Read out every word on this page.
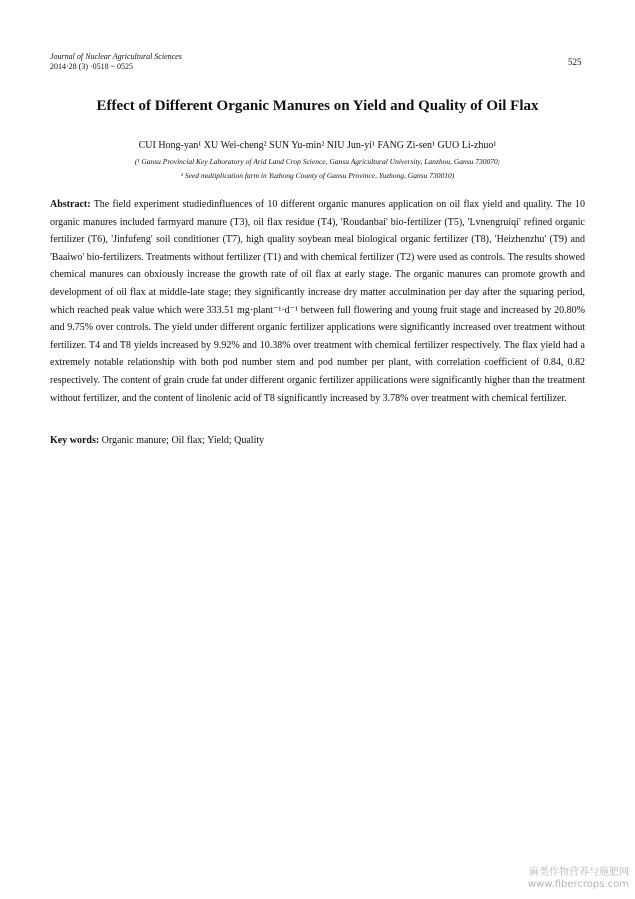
Journal of Nuclear Agricultural Sciences
2014·28 (3) ·0518 ~ 0525	525
Effect of Different Organic Manures on Yield and Quality of Oil Flax
CUI Hong-yan¹ XU Wei-cheng² SUN Yu-min² NIU Jun-yi¹ FANG Zi-sen¹ GUO Li-zhuo¹
(¹ Gansu Provincial Key Laboratory of Arid Land Crop Science, Gansu Agricultural University, Lanzhou, Gansu 730070;
² Seed multiplication farm in Yuzhong County of Gansu Province, Yuzhong, Gansu 730010)
Abstract: The field experiment studiedinfluences of 10 different organic manures application on oil flax yield and quality. The 10 organic manures included farmyard manure (T3), oil flax residue (T4), 'Roudanbai' bio-fertilizer (T5), 'Lvnengruiqi' refined organic fertilizer (T6), 'Jinfufeng' soil conditioner (T7), high quality soybean meal biological organic fertilizer (T8), 'Heizhenzhu' (T9) and 'Baaiwo' bio-fertilizers. Treatments without fertilizer (T1) and with chemical fertilizer (T2) were used as controls. The results showed chemical manures can obxiously increase the growth rate of oil flax at early stage. The organic manures can promote growth and development of oil flax at middle-late stage; they significantly increase dry matter acculmination per day after the squaring period, which reached peak value which were 333.51 mg·plant⁻¹·d⁻¹ between full flowering and young fruit stage and increased by 20.80% and 9.75% over controls. The yield under different organic fertilizer applications were significantly increased over treatment without fertilizer. T4 and T8 yields increased by 9.92% and 10.38% over treatment with chemical fertilizer respectively. The flax yield had a extremely notable relationship with both pod number stem and pod number per plant, with correlation coefficient of 0.84, 0.82 respectively. The content of grain crude fat under different organic fertilizer appilications were significantly higher than the treatment without fertilizer, and the content of linolenic acid of T8 significantly increased by 3.78% over treatment with chemical fertilizer.
Key words: Organic manure; Oil flax; Yield; Quality
麻类作物营养与施肥网
www.fibercrops.com
